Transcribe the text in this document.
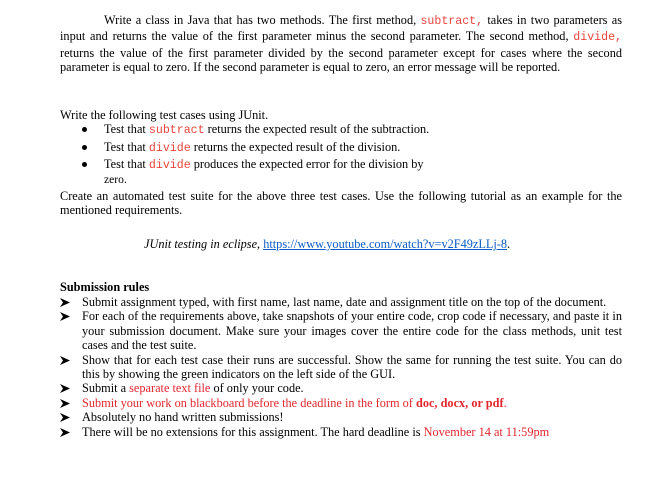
Write a class in Java that has two methods. The first method, subtract, takes in two parameters as input and returns the value of the first parameter minus the second parameter. The second method, divide, returns the value of the first parameter divided by the second parameter except for cases where the second parameter is equal to zero. If the second parameter is equal to zero, an error message will be reported.

Write the following test cases using JUnit.

Test that subtract returns the expected result of the subtraction.
Test that divide returns the expected result of the division.
Test that divide produces the expected error for the division by
zero.

Create an automated test suite for the above three test cases. Use the following tutorial as an example for the mentioned requirements.

JUnit testing in eclipse, https://www.youtube.com/watch?v=v2F49zLLj-8.
Submission rules
Submit assignment typed, with first name, last name, date and assignment title on the top of the document.
For each of the requirements above, take snapshots of your entire code, crop code if necessary, and paste it in your submission document. Make sure your images cover the entire code for the class methods, unit test cases and the test suite.
Show that for each test case their runs are successful. Show the same for running the test suite. You can do this by showing the green indicators on the left side of the GUI.
Submit a separate text file of only your code.
Submit your work on blackboard before the deadline in the form of doc, docx, or pdf.
Absolutely no hand written submissions!
There will be no extensions for this assignment. The hard deadline is November 14 at 11:59pm
